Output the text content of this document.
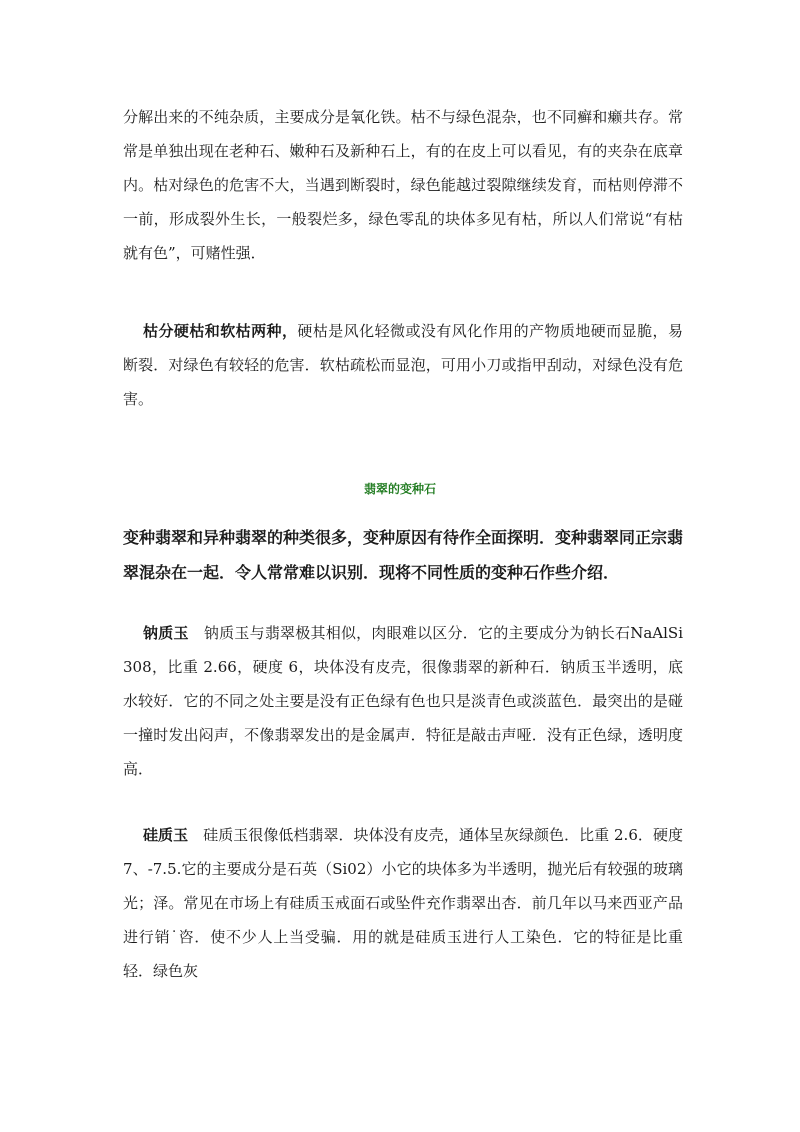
分解出来的不纯杂质，主要成分是氧化铁。枯不与绿色混杂，也不同癣和癞共存。常常是单独出现在老种石、嫩种石及新种石上，有的在皮上可以看见，有的夹杂在底章内。枯对绿色的危害不大，当遇到断裂时，绿色能越过裂隙继续发育，而枯则停滞不一前，形成裂外生长，一般裂烂多，绿色零乱的块体多见有枯，所以人们常说“有枯就有色”，可赌性强．

枯分硬枯和软枯两种，硬枯是风化轻微或没有风化作用的产物质地硬而显脆，易断裂．对绿色有较轻的危害．软枯疏松而显泡，可用小刀或指甲刮动，对绿色没有危害。

翡翠的变种石

变种翡翠和异种翡翠的种类很多，变种原因有待作全面探明．变种翡翠同正宗翡翠混杂在一起．令人常常难以识别．现将不同性质的变种石作些介绍．

钠质玉　钠质玉与翡翠极其相似，肉眼难以区分．它的主要成分为钠长石NaAlSi308，比重 2.66，硬度 6，块体没有皮壳，很像翡翠的新种石．钠质玉半透明，底水较好．它的不同之处主要是没有正色绿有色也只是淡青色或淡蓝色．最突出的是碰一撞时发出闷声，不像翡翠发出的是金属声．特征是敲击声哑．没有正色绿，透明度高．

硅质玉　硅质玉很像低档翡翠．块体没有皮壳，通体呈灰绿颜色．比重 2.6．硬度 7、-7.5.它的主要成分是石英（Si02）小它的块体多为半透明，抛光后有较强的玻璃光；泽。常见在市场上有硅质玉戒面石或坠件充作翡翠出杏．前几年以马来西亚产品进行销˙咨．使不少人上当受骗．用的就是硅质玉进行人工染色．它的特征是比重轻．绿色灰
